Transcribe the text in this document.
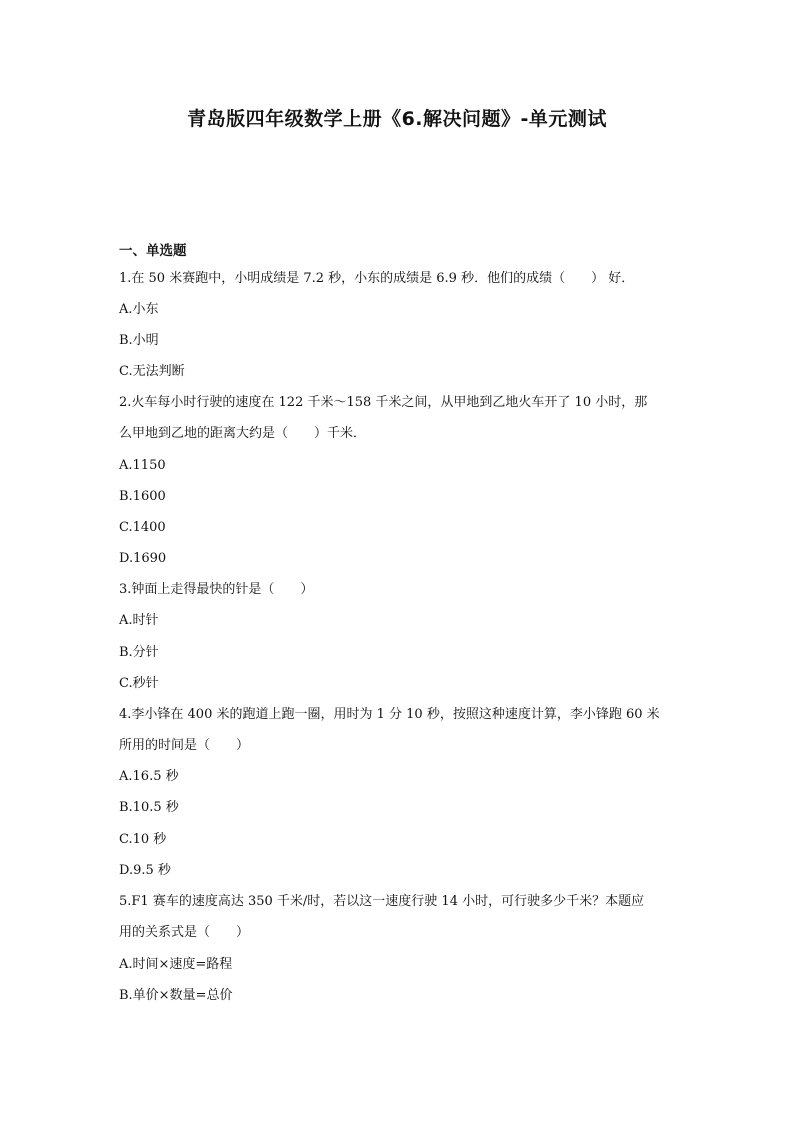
青岛版四年级数学上册《6.解决问题》-单元测试
一、单选题
1.在 50 米赛跑中，小明成绩是 7.2 秒，小东的成绩是 6.9 秒．他们的成绩（　　） 好．
A.小东
B.小明
C.无法判断
2.火车每小时行驶的速度在 122 千米～158 千米之间，从甲地到乙地火车开了 10 小时，那
么甲地到乙地的距离大约是（　　）千米．
A.1150
B.1600
C.1400
D.1690
3.钟面上走得最快的针是（　　）
A.时针
B.分针
C.秒针
4.李小锋在 400 米的跑道上跑一圈，用时为 1 分 10 秒，按照这种速度计算，李小锋跑 60 米
所用的时间是（　　）
A.16.5 秒
B.10.5 秒
C.10 秒
D.9.5 秒
5.F1 赛车的速度高达 350 千米/时，若以这一速度行驶 14 小时，可行驶多少千米？本题应
用的关系式是（　　）
A.时间×速度=路程
B.单价×数量=总价
